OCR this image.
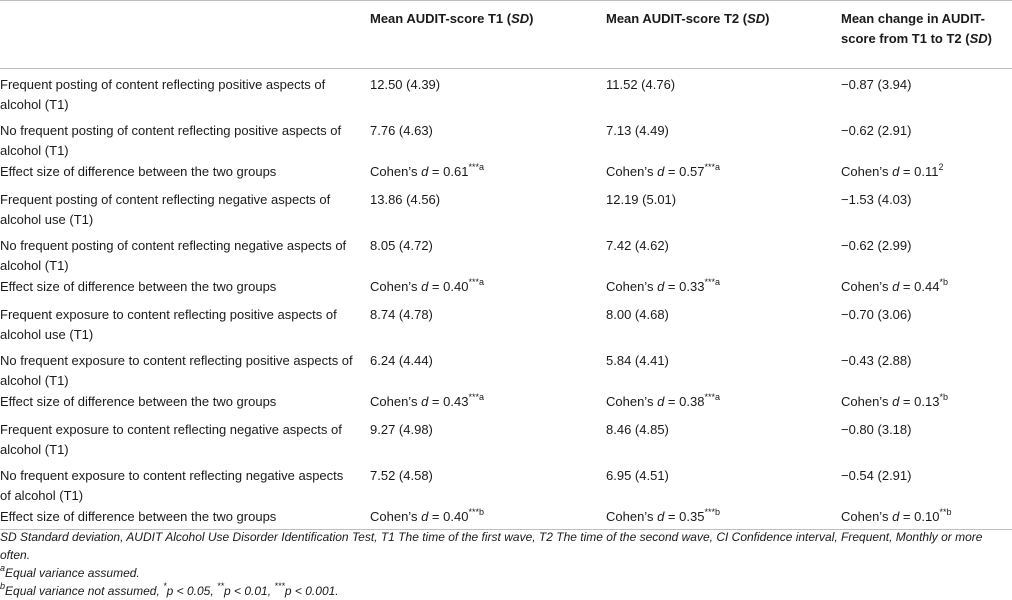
	Mean AUDIT-score T1 (SD)	Mean AUDIT-score T2 (SD)	Mean change in AUDIT-score from T1 to T2 (SD)
Frequent posting of content reflecting positive aspects of alcohol (T1)	12.50 (4.39)	11.52 (4.76)	−0.87 (3.94)
No frequent posting of content reflecting positive aspects of alcohol (T1)	7.76 (4.63)	7.13 (4.49)	−0.62 (2.91)
Effect size of difference between the two groups	Cohen’s $d = 0.61^{***a}$	Cohen’s $d = 0.57^{***a}$	Cohen’s $d = 0.11^2$
Frequent posting of content reflecting negative aspects of alcohol use (T1)	13.86 (4.56)	12.19 (5.01)	−1.53 (4.03)
No frequent posting of content reflecting negative aspects of alcohol (T1)	8.05 (4.72)	7.42 (4.62)	−0.62 (2.99)
Effect size of difference between the two groups	Cohen’s $d = 0.40^{***a}$	Cohen’s $d = 0.33^{***a}$	Cohen’s $d = 0.44^{*b}$
Frequent exposure to content reflecting positive aspects of alcohol use (T1)	8.74 (4.78)	8.00 (4.68)	−0.70 (3.06)
No frequent exposure to content reflecting positive aspects of alcohol (T1)	6.24 (4.44)	5.84 (4.41)	−0.43 (2.88)
Effect size of difference between the two groups	Cohen’s $d = 0.43^{***a}$	Cohen’s $d = 0.38^{***a}$	Cohen’s $d = 0.13^{*b}$
Frequent exposure to content reflecting negative aspects of alcohol (T1)	9.27 (4.98)	8.46 (4.85)	−0.80 (3.18)
No frequent exposure to content reflecting negative aspects of alcohol (T1)	7.52 (4.58)	6.95 (4.51)	−0.54 (2.91)
Effect size of difference between the two groups	Cohen’s $d = 0.40^{***b}$	Cohen’s $d = 0.35^{***b}$	Cohen’s $d = 0.10^{**b}$

SD Standard deviation, AUDIT Alcohol Use Disorder Identification Test, T1 The time of the first wave, T2 The time of the second wave, CI Confidence interval, Frequent, Monthly or more often.

$^a$Equal variance assumed.

$^b$Equal variance not assumed, *p < 0.05, **p < 0.01, ***p < 0.001.
